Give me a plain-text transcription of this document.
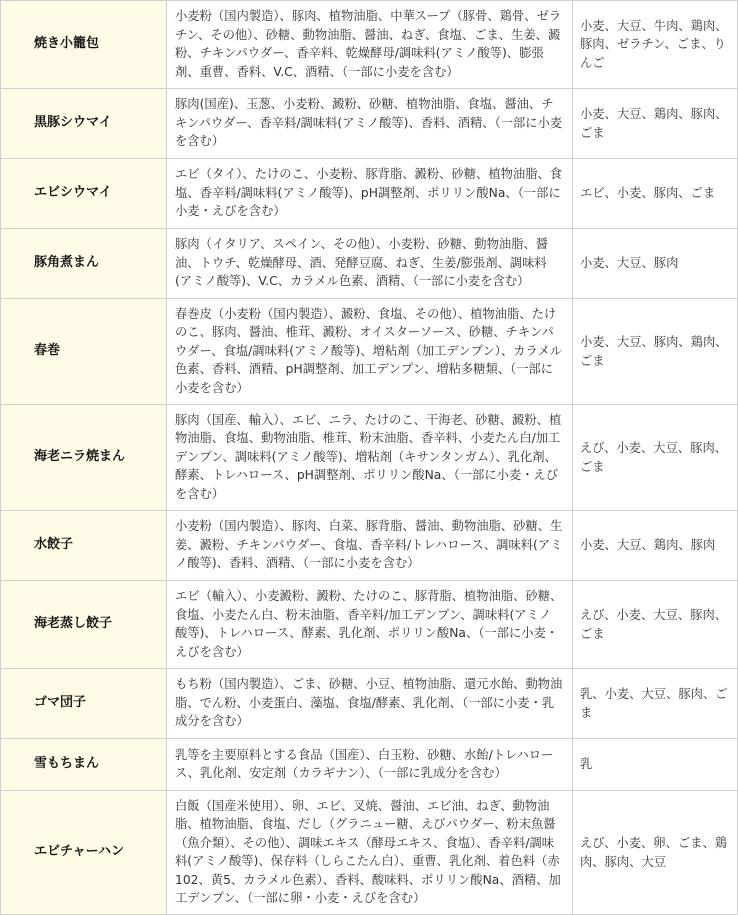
焼き小籠包	小麦粉（国内製造）、豚肉、植物油脂、中華スープ（豚骨、鶏骨、ゼラチン、その他）、砂糖、動物油脂、醤油、ねぎ、食塩、ごま、生姜、澱粉、チキンパウダー、香辛料、乾燥酵母/調味料(アミノ酸等)、膨張剤、重曹、香料、V.C、酒精、（一部に小麦を含む）	小麦、大豆、牛肉、鶏肉、豚肉、ゼラチン、ごま、りんご
黒豚シウマイ	豚肉(国産)、玉葱、小麦粉、澱粉、砂糖、植物油脂、食塩、醤油、チキンパウダー、香辛料/調味料(アミノ酸等)、香料、酒精、（一部に小麦を含む）	小麦、大豆、鶏肉、豚肉、ごま
エビシウマイ	エビ（タイ）、たけのこ、小麦粉、豚背脂、澱粉、砂糖、植物油脂、食塩、香辛料/調味料(アミノ酸等)、pH調整剤、ポリリン酸Na、（一部に小麦・えびを含む）	エビ、小麦、豚肉、ごま
豚角煮まん	豚肉（イタリア、スペイン、その他）、小麦粉、砂糖、動物油脂、醤油、トウチ、乾燥酵母、酒、発酵豆腐、ねぎ、生姜/膨張剤、調味料(アミノ酸等)、V.C、カラメル色素、酒精、（一部に小麦を含む）	小麦、大豆、豚肉
春巻	春巻皮（小麦粉（国内製造）、澱粉、食塩、その他）、植物油脂、たけのこ、豚肉、醤油、椎茸、澱粉、オイスターソース、砂糖、チキンパウダー、食塩/調味料(アミノ酸等)、増粘剤（加工デンプン）、カラメル色素、香料、酒精、pH調整剤、加工デンプン、増粘多糖類、（一部に小麦を含む）	小麦、大豆、豚肉、鶏肉、ごま
海老ニラ焼まん	豚肉（国産、輸入）、エビ、ニラ、たけのこ、干海老、砂糖、澱粉、植物油脂、食塩、動物油脂、椎茸、粉末油脂、香辛料、小麦たん白/加工デンプン、調味料(アミノ酸等)、増粘剤（キサンタンガム）、乳化剤、酵素、トレハロース、pH調整剤、ポリリン酸Na、（一部に小麦・えびを含む）	えび、小麦、大豆、豚肉、ごま
水餃子	小麦粉（国内製造）、豚肉、白菜、豚背脂、醤油、動物油脂、砂糖、生姜、澱粉、チキンパウダー、食塩、香辛料/トレハロース、調味料(アミノ酸等)、香料、酒精、（一部に小麦を含む）	小麦、大豆、鶏肉、豚肉
海老蒸し餃子	エビ（輸入）、小麦澱粉、澱粉、たけのこ、豚背脂、植物油脂、砂糖、食塩、小麦たん白、粉末油脂、香辛料/加工デンプン、調味料(アミノ酸等)、トレハロース、酵素、乳化剤、ポリリン酸Na、（一部に小麦・えびを含む）	えび、小麦、大豆、豚肉、ごま
ゴマ団子	もち粉（国内製造）、ごま、砂糖、小豆、植物油脂、還元水飴、動物油脂、でん粉、小麦蛋白、藻塩、食塩/酵素、乳化剤、（一部に小麦・乳成分を含む）	乳、小麦、大豆、豚肉、ごま
雪もちまん	乳等を主要原料とする食品（国産）、白玉粉、砂糖、水飴/トレハロース、乳化剤、安定剤（カラギナン）、（一部に乳成分を含む）	乳
エビチャーハン	白飯（国産米使用）、卵、エビ、叉焼、醤油、エビ油、ねぎ、動物油脂、植物油脂、食塩、だし（グラニュー糖、えびパウダー、粉末魚醤（魚介類）、その他）、調味エキス（酵母エキス、食塩）、香辛料/調味料(アミノ酸等)、保存料（しらこたん白）、重曹、乳化剤、着色料（赤102、黄5、カラメル色素）、香料、酸味料、ポリリン酸Na、酒精、加工デンプン、（一部に卵・小麦・えびを含む）	えび、小麦、卵、ごま、鶏肉、豚肉、大豆
